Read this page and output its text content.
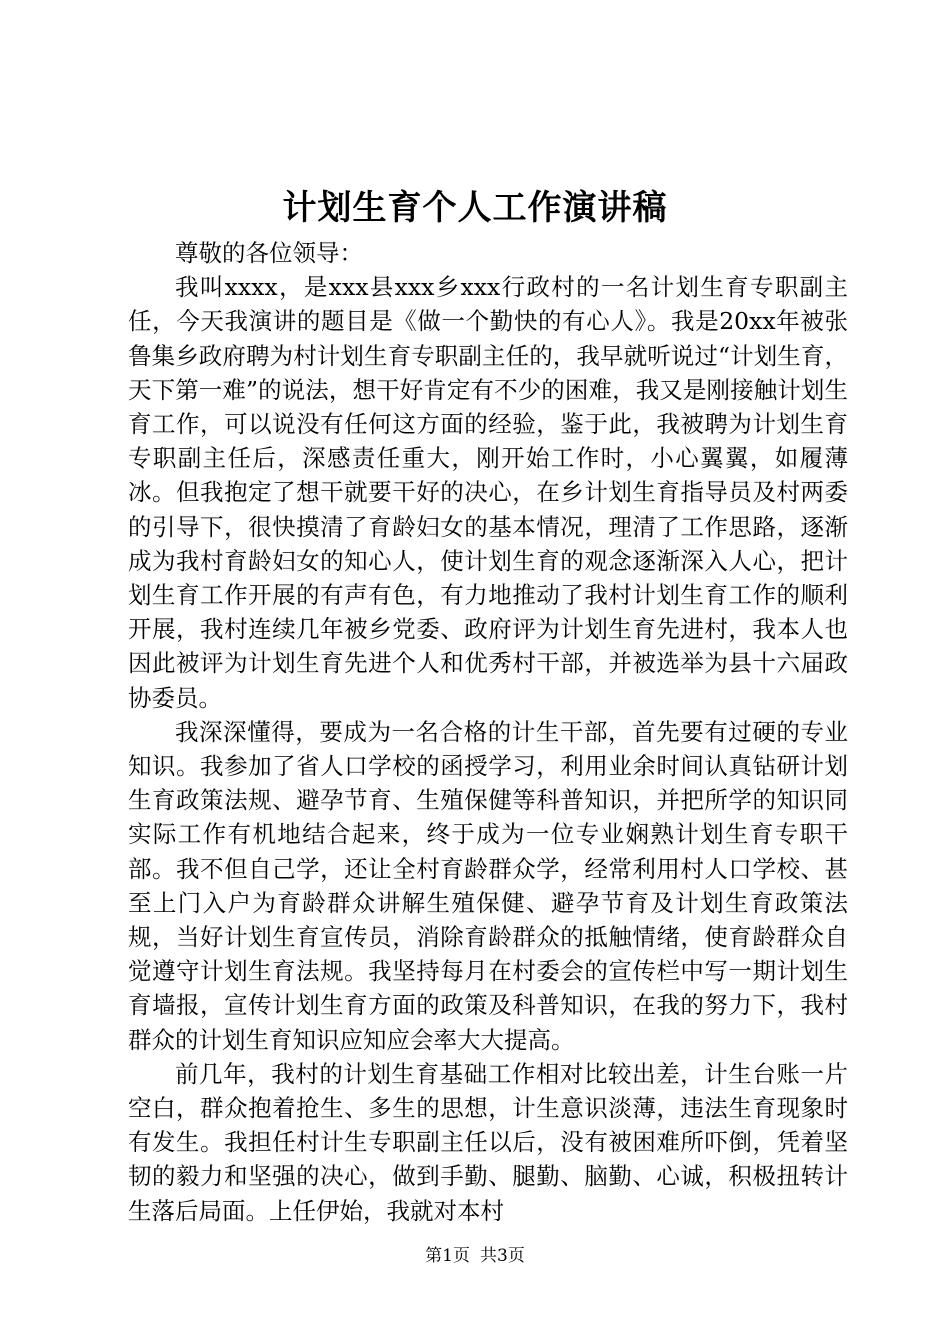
计划生育个人工作演讲稿

尊敬的各位领导：

我叫xxxx，是xxx县xxx乡xxx行政村的一名计划生育专职副主任，今天我演讲的题目是《做一个勤快的有心人》。我是20xx年被张鲁集乡政府聘为村计划生育专职副主任的，我早就听说过“计划生育，天下第一难”的说法，想干好肯定有不少的困难，我又是刚接触计划生育工作，可以说没有任何这方面的经验，鉴于此，我被聘为计划生育专职副主任后，深感责任重大，刚开始工作时，小心翼翼，如履薄冰。但我抱定了想干就要干好的决心，在乡计划生育指导员及村两委的引导下，很快摸清了育龄妇女的基本情况，理清了工作思路，逐渐成为我村育龄妇女的知心人，使计划生育的观念逐渐深入人心，把计划生育工作开展的有声有色，有力地推动了我村计划生育工作的顺利开展，我村连续几年被乡党委、政府评为计划生育先进村，我本人也因此被评为计划生育先进个人和优秀村干部，并被选举为县十六届政协委员。

我深深懂得，要成为一名合格的计生干部，首先要有过硬的专业知识。我参加了省人口学校的函授学习，利用业余时间认真钻研计划生育政策法规、避孕节育、生殖保健等科普知识，并把所学的知识同实际工作有机地结合起来，终于成为一位专业娴熟计划生育专职干部。我不但自己学，还让全村育龄群众学，经常利用村人口学校、甚至上门入户为育龄群众讲解生殖保健、避孕节育及计划生育政策法规，当好计划生育宣传员，消除育龄群众的抵触情绪，使育龄群众自觉遵守计划生育法规。我坚持每月在村委会的宣传栏中写一期计划生育墙报，宣传计划生育方面的政策及科普知识，在我的努力下，我村群众的计划生育知识应知应会率大大提高。

前几年，我村的计划生育基础工作相对比较出差，计生台账一片空白，群众抱着抢生、多生的思想，计生意识淡薄，违法生育现象时有发生。我担任村计生专职副主任以后，没有被困难所吓倒，凭着坚韧的毅力和坚强的决心，做到手勤、腿勤、脑勤、心诚，积极扭转计生落后局面。上任伊始，我就对本村

第1页 共3页
